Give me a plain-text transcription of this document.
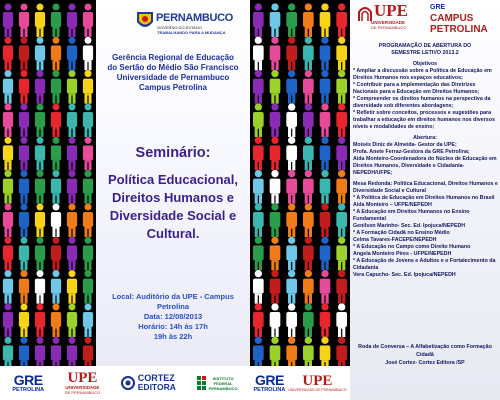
PERNAMBUCO
GOVERNO DO ESTADO
TRABALHANDO PARA A MUDANÇA
Gerência Regional de Educação
do Sertão do Médio São Francisco
Universidade de Pernambuco
Campus Petrolina
Seminário:
Política Educacional,
Direitos Humanos e
Diversidade Social e
Cultural.
Local: Auditório da UPE - Campus Petrolina
Data: 12/08/2013
Horário: 14h às 17h
19h às 22h
GRE
PETROLINA
UPE
UNIVERSIDADE
DE PERNAMBUCO
CORTEZ
EDITORA
INSTITUTO
FEDERAL
PERNAMBUCO
UPE
UNIVERSIDADE
DE PERNAMBUCO
GRE
CAMPUS PETROLINA

PROGRAMAÇÃO DE ABERTURA DO

SEMESTRE LETIVO 2013.2

Objetivos

* Ampliar a discussão sobre a Política de Educação em Direitos Humanos nos espaços educativos;

* Contribuir para a implementação das Diretrizes Nacionais para a Educação em Direitos Humanos;

* Compreender os direitos humanos na perspectiva da diversidade sob diferentes abordagens;

* Refletir sobre conceitos, processos e sugestões para trabalhar a educação em direitos humanos nos diversos níveis e modalidades de ensino;

Abertura:

Moisés Diniz de Almeida- Gestor da UPE;

Profa. Anete Ferraz-Gestora da GRE Petrolina;

Aida Monteiro-Coordenadora do Núcleo de Educação em Direitos Humanos, Diversidade e Cidadania-NEPEDH/UFPE;

Mesa Redonda: Política Educacional, Direitos Humanos e Diversidade Social e Cultural

* A Política de Educação em Direitos Humanos no Brasil

Aida Monteiro – UFPE/NEPEDH

* A Educação em Direitos Humanos no Ensino Fundamental

Genilson Marinho- Sec. Ed. Ipojuca/NEPEDH

* A Formação Cidadã no Ensino Médio

Celma Tavares-FACEPE/NEPEDH

* A Educação no Campo como Direito Humano

Angela Monteiro Pires - UFPE/NEPEDH

* A Educação de Jovens e Adultos e o Fortalecimento da Cidadania

Vera Capucho- Sec. Ed. Ipojuca/NEPEDH

Roda de Conversa – A Alfabetização como Formação Cidadã
José Cortez- Cortez Editora /SP
GRE
PETROLINA
UPE
UNIVERSIDADE DE PERNAMBUCO
